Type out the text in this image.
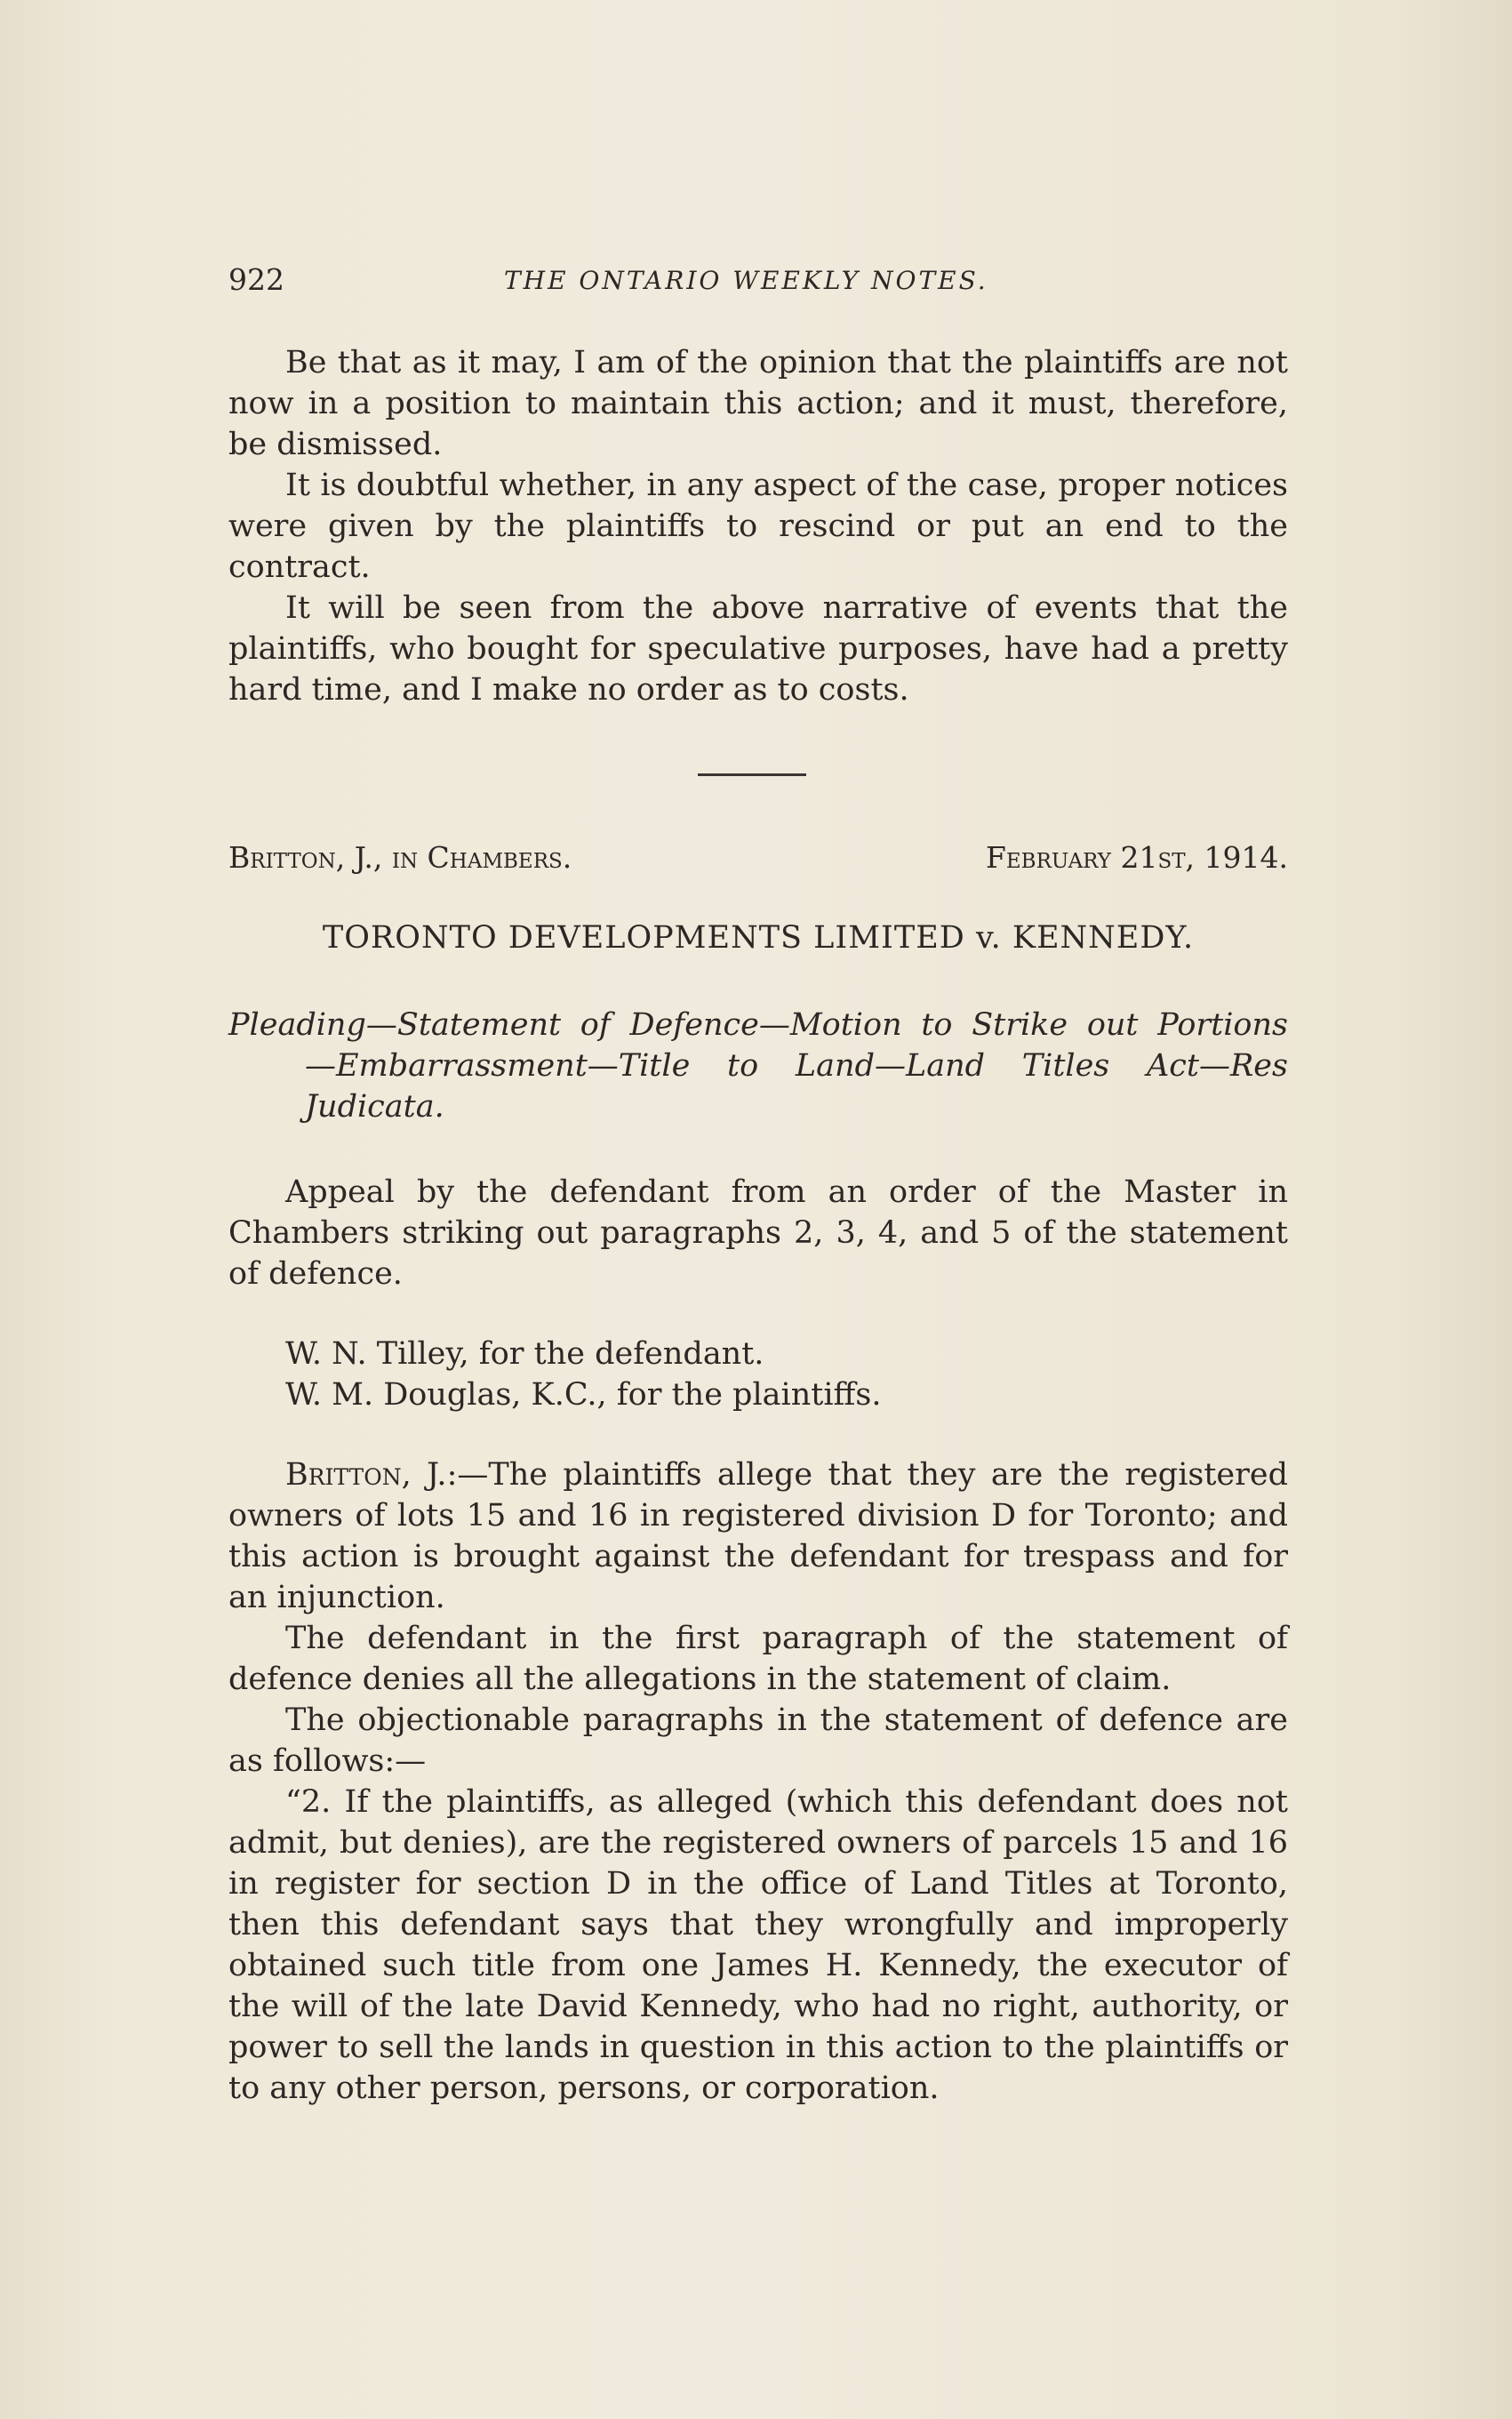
922	THE ONTARIO WEEKLY NOTES.

Be that as it may, I am of the opinion that the plaintiffs are not now in a position to maintain this action; and it must, therefore, be dismissed.

It is doubtful whether, in any aspect of the case, proper notices were given by the plaintiffs to rescind or put an end to the contract.

It will be seen from the above narrative of events that the plaintiffs, who bought for speculative purposes, have had a pretty hard time, and I make no order as to costs.

Britton, J., in Chambers.	February 21st, 1914.
TORONTO DEVELOPMENTS LIMITED v. KENNEDY.
Pleading—Statement of Defence—Motion to Strike out Portions
—Embarrassment—Title to Land—Land Titles Act—Res
Judicata.

Appeal by the defendant from an order of the Master in Chambers striking out paragraphs 2, 3, 4, and 5 of the statement of defence.

W. N. Tilley, for the defendant.

W. M. Douglas, K.C., for the plaintiffs.

Britton, J.:—The plaintiffs allege that they are the registered owners of lots 15 and 16 in registered division D for Toronto; and this action is brought against the defendant for trespass and for an injunction.

The defendant in the first paragraph of the statement of defence denies all the allegations in the statement of claim.

The objectionable paragraphs in the statement of defence are as follows:—

“2. If the plaintiffs, as alleged (which this defendant does not admit, but denies), are the registered owners of parcels 15 and 16 in register for section D in the office of Land Titles at Toronto, then this defendant says that they wrongfully and improperly obtained such title from one James H. Kennedy, the executor of the will of the late David Kennedy, who had no right, authority, or power to sell the lands in question in this action to the plaintiffs or to any other person, persons, or corporation.
